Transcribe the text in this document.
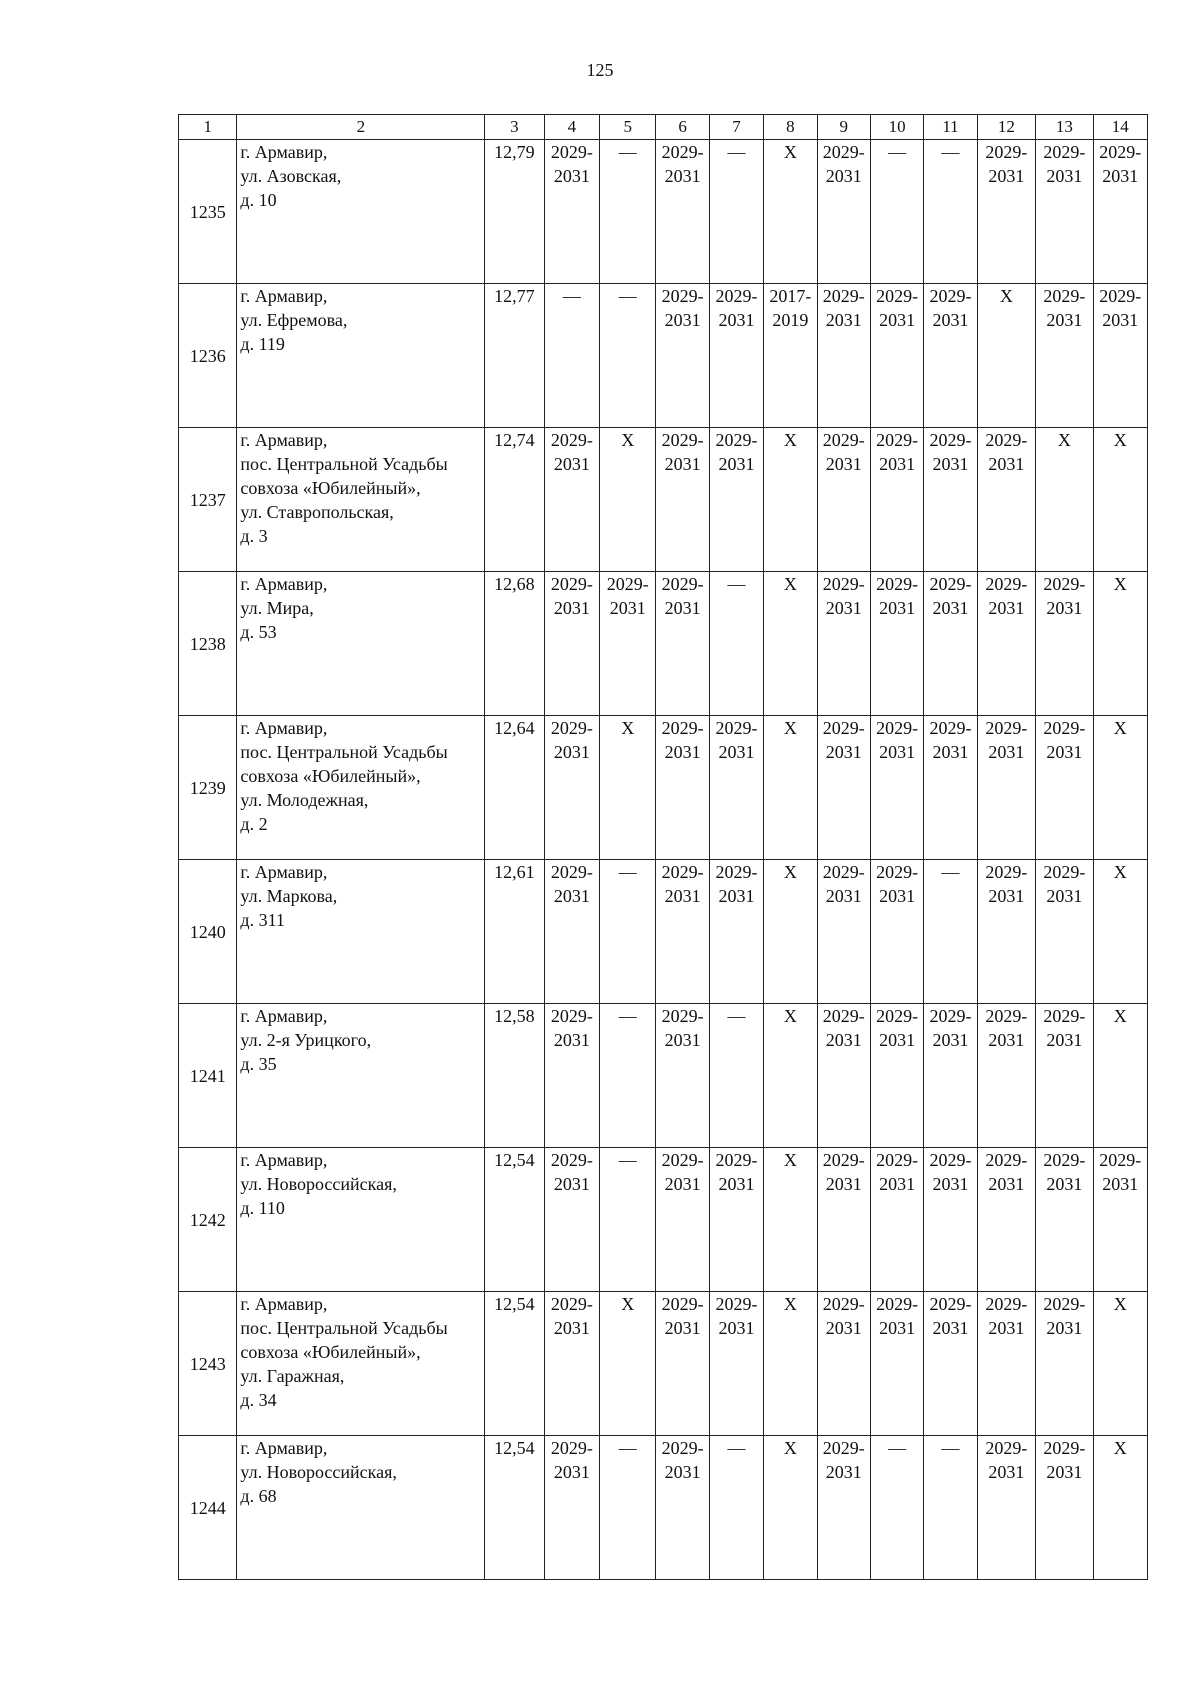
125
1	2	3	4	5	6	7	8	9	10	11	12	13	14
1235	г. Армавир,
ул. Азовская,
д. 10	12,79	2029-
2031	—	2029-
2031	—	X	2029-
2031	—	—	2029-
2031	2029-
2031	2029-
2031

1236	г. Армавир,
ул. Ефремова,
д. 119	12,77	—	—	2029-
2031	2029-
2031	2017-
2019	2029-
2031	2029-
2031	2029-
2031	X	2029-
2031	2029-
2031

1237	г. Армавир,
пос. Центральной Усадьбы
совхоза «Юбилейный»,
ул. Ставропольская,
д. 3	12,74	2029-
2031	X	2029-
2031	2029-
2031	X	2029-
2031	2029-
2031	2029-
2031	2029-
2031	X	X

1238	г. Армавир,
ул. Мира,
д. 53	12,68	2029-
2031	2029-
2031	2029-
2031	—	X	2029-
2031	2029-
2031	2029-
2031	2029-
2031	2029-
2031	X

1239	г. Армавир,
пос. Центральной Усадьбы
совхоза «Юбилейный»,
ул. Молодежная,
д. 2	12,64	2029-
2031	X	2029-
2031	2029-
2031	X	2029-
2031	2029-
2031	2029-
2031	2029-
2031	2029-
2031	X

1240	г. Армавир,
ул. Маркова,
д. 311	12,61	2029-
2031	—	2029-
2031	2029-
2031	X	2029-
2031	2029-
2031	—	2029-
2031	2029-
2031	X

1241	г. Армавир,
ул. 2-я Урицкого,
д. 35	12,58	2029-
2031	—	2029-
2031	—	X	2029-
2031	2029-
2031	2029-
2031	2029-
2031	2029-
2031	X

1242	г. Армавир,
ул. Новороссийская,
д. 110	12,54	2029-
2031	—	2029-
2031	2029-
2031	X	2029-
2031	2029-
2031	2029-
2031	2029-
2031	2029-
2031	2029-
2031

1243	г. Армавир,
пос. Центральной Усадьбы
совхоза «Юбилейный»,
ул. Гаражная,
д. 34	12,54	2029-
2031	X	2029-
2031	2029-
2031	X	2029-
2031	2029-
2031	2029-
2031	2029-
2031	2029-
2031	X

1244	г. Армавир,
ул. Новороссийская,
д. 68	12,54	2029-
2031	—	2029-
2031	—	X	2029-
2031	—	—	2029-
2031	2029-
2031	X
